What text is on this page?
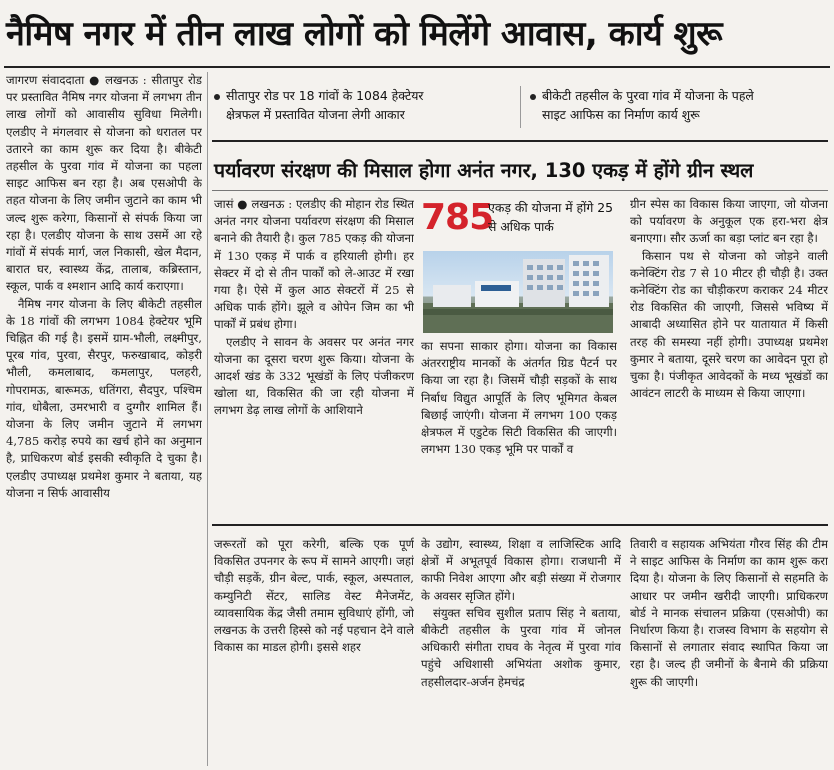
नैमिष नगर में तीन लाख लोगों को मिलेंगे आवास, कार्य शुरू

जागरण संवाददाता ● लखनऊ : सीतापुर रोड पर प्रस्तावित नैमिष नगर योजना में लगभग तीन लाख लोगों को आवासीय सुविधा मिलेगी। एलडीए ने मंगलवार से योजना को धरातल पर उतारने का काम शुरू कर दिया है। बीकेटी तहसील के पुरवा गांव में योजना का पहला साइट आफिस बन रहा है। अब एसओपी के तहत योजना के लिए जमीन जुटाने का काम भी जल्द शुरू करेगा, किसानों से संपर्क किया जा रहा है। एलडीए योजना के साथ उसमें आ रहे गांवों में संपर्क मार्ग, जल निकासी, खेल मैदान, बारात घर, स्वास्थ्य केंद्र, तालाब, कब्रिस्तान, स्कूल, पार्क व श्मशान आदि कार्य कराएगा।

नैमिष नगर योजना के लिए बीकेटी तहसील के 18 गांवों की लगभग 1084 हेक्टेयर भूमि चिह्नित की गई है। इसमें ग्राम-भौली, लक्ष्मीपुर, पूरब गांव, पुरवा, सैरपुर, फरुखाबाद, कोड़री भौली, कमलाबाद, कमलापुर, पलहरी, गोपरामऊ, बारूमऊ, धतिंगरा, सैदपुर, पश्चिम गांव, धोबैला, उमरभारी व दुग्गौर शामिल हैं। योजना के लिए जमीन जुटाने में लगभग 4,785 करोड़ रुपये का खर्च होने का अनुमान है, प्राधिकरण बोर्ड इसकी स्वीकृति दे चुका है। एलडीए उपाध्यक्ष प्रथमेश कुमार ने बताया, यह योजना न सिर्फ आवासीय

सीतापुर रोड पर 18 गांवों के 1084 हेक्टेयर
क्षेत्रफल में प्रस्तावित योजना लेगी आकार
बीकेटी तहसील के पुरवा गांव में योजना के पहले
साइट आफिस का निर्माण कार्य शुरू
पर्यावरण संरक्षण की मिसाल होगा अनंत नगर, 130 एकड़ में होंगे ग्रीन स्थल

जासं ● लखनऊ : एलडीए की मोहान रोड स्थित अनंत नगर योजना पर्यावरण संरक्षण की मिसाल बनाने की तैयारी है। कुल 785 एकड़ की योजना में 130 एकड़ में पार्क व हरियाली होगी। हर सेक्टर में दो से तीन पार्कों को ले-आउट में रखा गया है। ऐसे में कुल आठ सेक्टरों में 25 से अधिक पार्क होंगे। झूले व ओपेन जिम का भी पार्कों में प्रबंध होगा।

एलडीए ने सावन के अवसर पर अनंत नगर योजना का दूसरा चरण शुरू किया। योजना के आदर्श खंड के 332 भूखंडों के लिए पंजीकरण खोला था, विकसित की जा रही योजना में लगभग डेढ़ लाख लोगों के आशियाने

785
एकड़ की योजना में होंगे 25 से अधिक पार्क

का सपना साकार होगा। योजना का विकास अंतरराष्ट्रीय मानकों के अंतर्गत ग्रिड पैटर्न पर किया जा रहा है। जिसमें चौड़ी सड़कों के साथ निर्बाध विद्युत आपूर्ति के लिए भूमिगत केबल बिछाई जाएंगी। योजना में लगभग 100 एकड़ क्षेत्रफल में एडुटेक सिटी विकसित की जाएगी। लगभग 130 एकड़ भूमि पर पार्कों व

ग्रीन स्पेस का विकास किया जाएगा, जो योजना को पर्यावरण के अनुकूल एक हरा-भरा क्षेत्र बनाएगा। सौर ऊर्जा का बड़ा प्लांट बन रहा है।

किसान पथ से योजना को जोड़ने वाली कनेक्टिंग रोड 7 से 10 मीटर ही चौड़ी है। उक्त कनेक्टिंग रोड का चौड़ीकरण कराकर 24 मीटर रोड विकसित की जाएगी, जिससे भविष्य में आबादी अध्यासित होने पर यातायात में किसी तरह की समस्या नहीं होगी। उपाध्यक्ष प्रथमेश कुमार ने बताया, दूसरे चरण का आवेदन पूरा हो चुका है। पंजीकृत आवेदकों के मध्य भूखंडों का आवंटन लाटरी के माध्यम से किया जाएगा।

जरूरतों को पूरा करेगी, बल्कि एक पूर्ण विकसित उपनगर के रूप में सामने आएगी। जहां चौड़ी सड़कें, ग्रीन बेल्ट, पार्क, स्कूल, अस्पताल, कम्युनिटी सेंटर, सालिड वेस्ट मैनेजमेंट, व्यावसायिक केंद्र जैसी तमाम सुविधाएं होंगी, जो लखनऊ के उत्तरी हिस्से को नई पहचान देने वाले विकास का माडल होगी। इससे शहर

के उद्योग, स्वास्थ्य, शिक्षा व लाजिस्टिक आदि क्षेत्रों में अभूतपूर्व विकास होगा। राजधानी में काफी निवेश आएगा और बड़ी संख्या में रोजगार के अवसर सृजित होंगे।

संयुक्त सचिव सुशील प्रताप सिंह ने बताया, बीकेटी तहसील के पुरवा गांव में जोनल अधिकारी संगीता राघव के नेतृत्व में पुरवा गांव पहुंचे अधिशासी अभियंता अशोक कुमार, तहसीलदार-अर्जन हेमचंद्र

तिवारी व सहायक अभियंता गौरव सिंह की टीम ने साइट आफिस के निर्माण का काम शुरू करा दिया है। योजना के लिए किसानों से सहमति के आधार पर जमीन खरीदी जाएगी। प्राधिकरण बोर्ड ने मानक संचालन प्रक्रिया (एसओपी) का निर्धारण किया है। राजस्व विभाग के सहयोग से किसानों से लगातार संवाद स्थापित किया जा रहा है। जल्द ही जमीनों के बैनामे की प्रक्रिया शुरू की जाएगी।
